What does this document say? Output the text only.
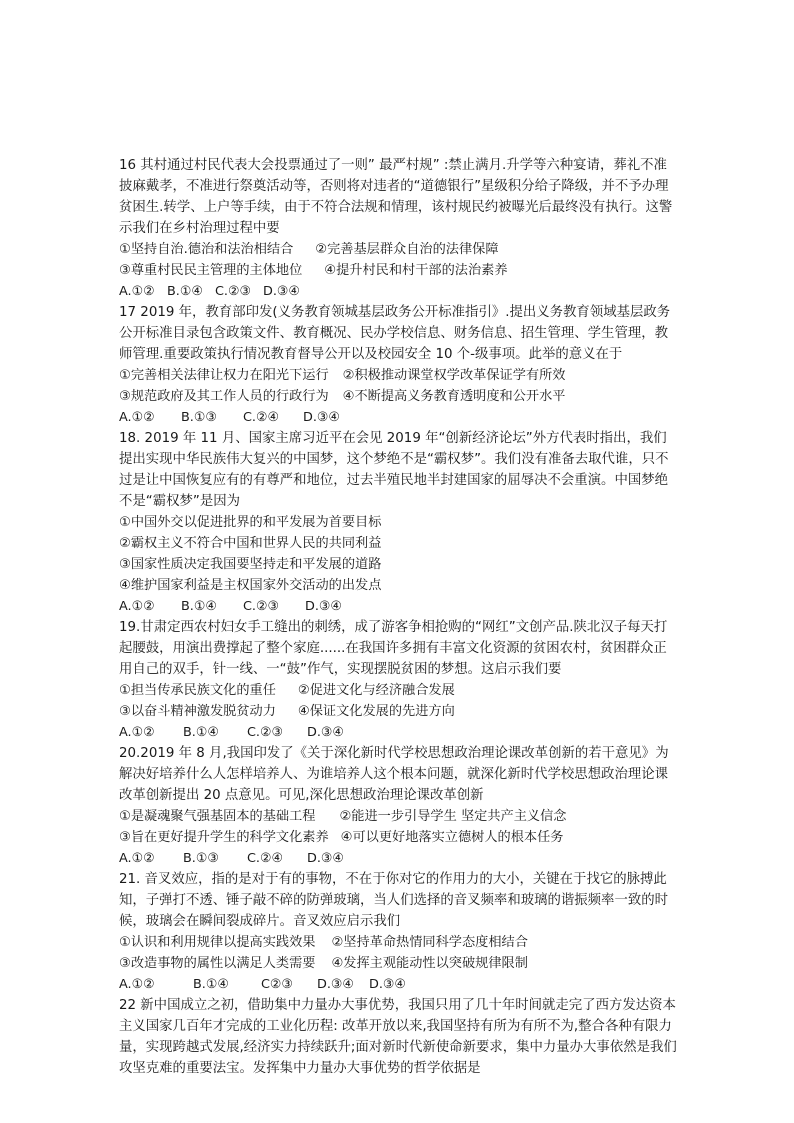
16 其村通过村民代表大会投票通过了一则” 最严村规” :禁止满月.升学等六种宴请，葬礼不准披麻戴孝，不准进行祭奠活动等，否则将对违者的“道德银行”星级积分给子降级，并不予办理贫困生.转学、上户等手续，由于不符合法规和情理，该村规民约被曝光后最终没有执行。这警示我们在乡村治理过程中要

①坚持自治.德治和法治相结合 ②完善基层群众自治的法律保障

③尊重村民民主管理的主体地位 ④提升村民和村干部的法治素养

A.①② B.①④ C.②③ D.③④

17 2019 年，教育部印发(义务教育领城基层政务公开标准指引》.提出义务教育领域基层政务公开标准目录包含政策文件、教育概况、民办学校信息、财务信息、招生管理、学生管理，教师管理.重要政策执行情况教育督导公开以及校园安全 10 个-级事项。此举的意义在于

①完善相关法律让权力在阳光下运行 ②积极推动课堂权学改革保证学有所效

③规范政府及其工作人员的行政行为 ④不断提高义务教育透明度和公开水平

A.①② B.①③ C.②④ D.③④

18. 2019 年 11 月、国家主席习近平在会见 2019 年“创新经济论坛”外方代表时指出，我们提出实现中华民族伟大复兴的中国梦，这个梦绝不是“霸权梦”。我们没有准备去取代谁，只不过是让中国恢复应有的有尊严和地位，过去半殖民地半封建国家的屈辱决不会重演。中国梦绝不是“霸权梦”是因为

①中国外交以促进批界的和平发展为首要目标

②霸权主义不符合中国和世界人民的共同利益

③国家性质决定我国要坚持走和平发展的道路

④维护国家利益是主权国家外交活动的出发点

A.①② B.①④ C.②③ D.③④

19.甘肃定西农村妇女手工缝出的刺绣，成了游客争相抢购的“网红”文创产品.陕北汉子每天打起腰鼓，用演出费撑起了整个家庭......在我国许多拥有丰富文化资源的贫困农村，贫困群众正用自己的双手，针一线、一“鼓”作气，实现摆脱贫困的梦想。这启示我们要

①担当传承民族文化的重任 ②促进文化与经济融合发展

③以奋斗精神激发脱贫动力 ④保证文化发展的先进方向

A.①② B.①④ C.②③ D.③④

20.2019 年 8 月,我国印发了《关于深化新时代学校思想政治理论课改革创新的若干意见》为解决好培养什么人怎样培养人、为谁培养人这个根本问题，就深化新时代学校思想政治理论课改革创新提出 20 点意见。可见,深化思想政治理论课改革创新

①是凝魂聚气强基固本的基础工程 ②能进一步引导学生 坚定共产主义信念

③旨在更好提升学生的科学文化素养 ④可以更好地落实立德树人的根本任务

A.①② B.①③ C.②④ D.③④

21. 音叉效应，指的是对于有的事物，不在于你对它的作用力的大小，关键在于找它的脉搏此知，子弹打不透、锤子敲不碎的防弹玻璃，当人们选择的音叉频率和玻璃的谐振频率一致的时候，玻璃会在瞬间裂成碎片。音叉效应启示我们

①认识和利用规律以提高实践效果 ②坚持革命热情同科学态度相结合

③改造事物的属性以满足人类需要 ④发挥主观能动性以突破规律限制

A.①②	B.①④	C②③ D.③④ D.③④

22 新中国成立之初，借助集中力量办大事优势，我国只用了几十年时间就走完了西方发达资本主义国家几百年才完成的工业化历程: 改革开放以来,我国坚持有所为有所不为,整合各种有限力量，实现跨越式发展,经济实力持续跃升;面对新时代新使命新要求，集中力量办大事依然是我们攻坚克难的重要法宝。发挥集中力量办大事优势的哲学依据是
